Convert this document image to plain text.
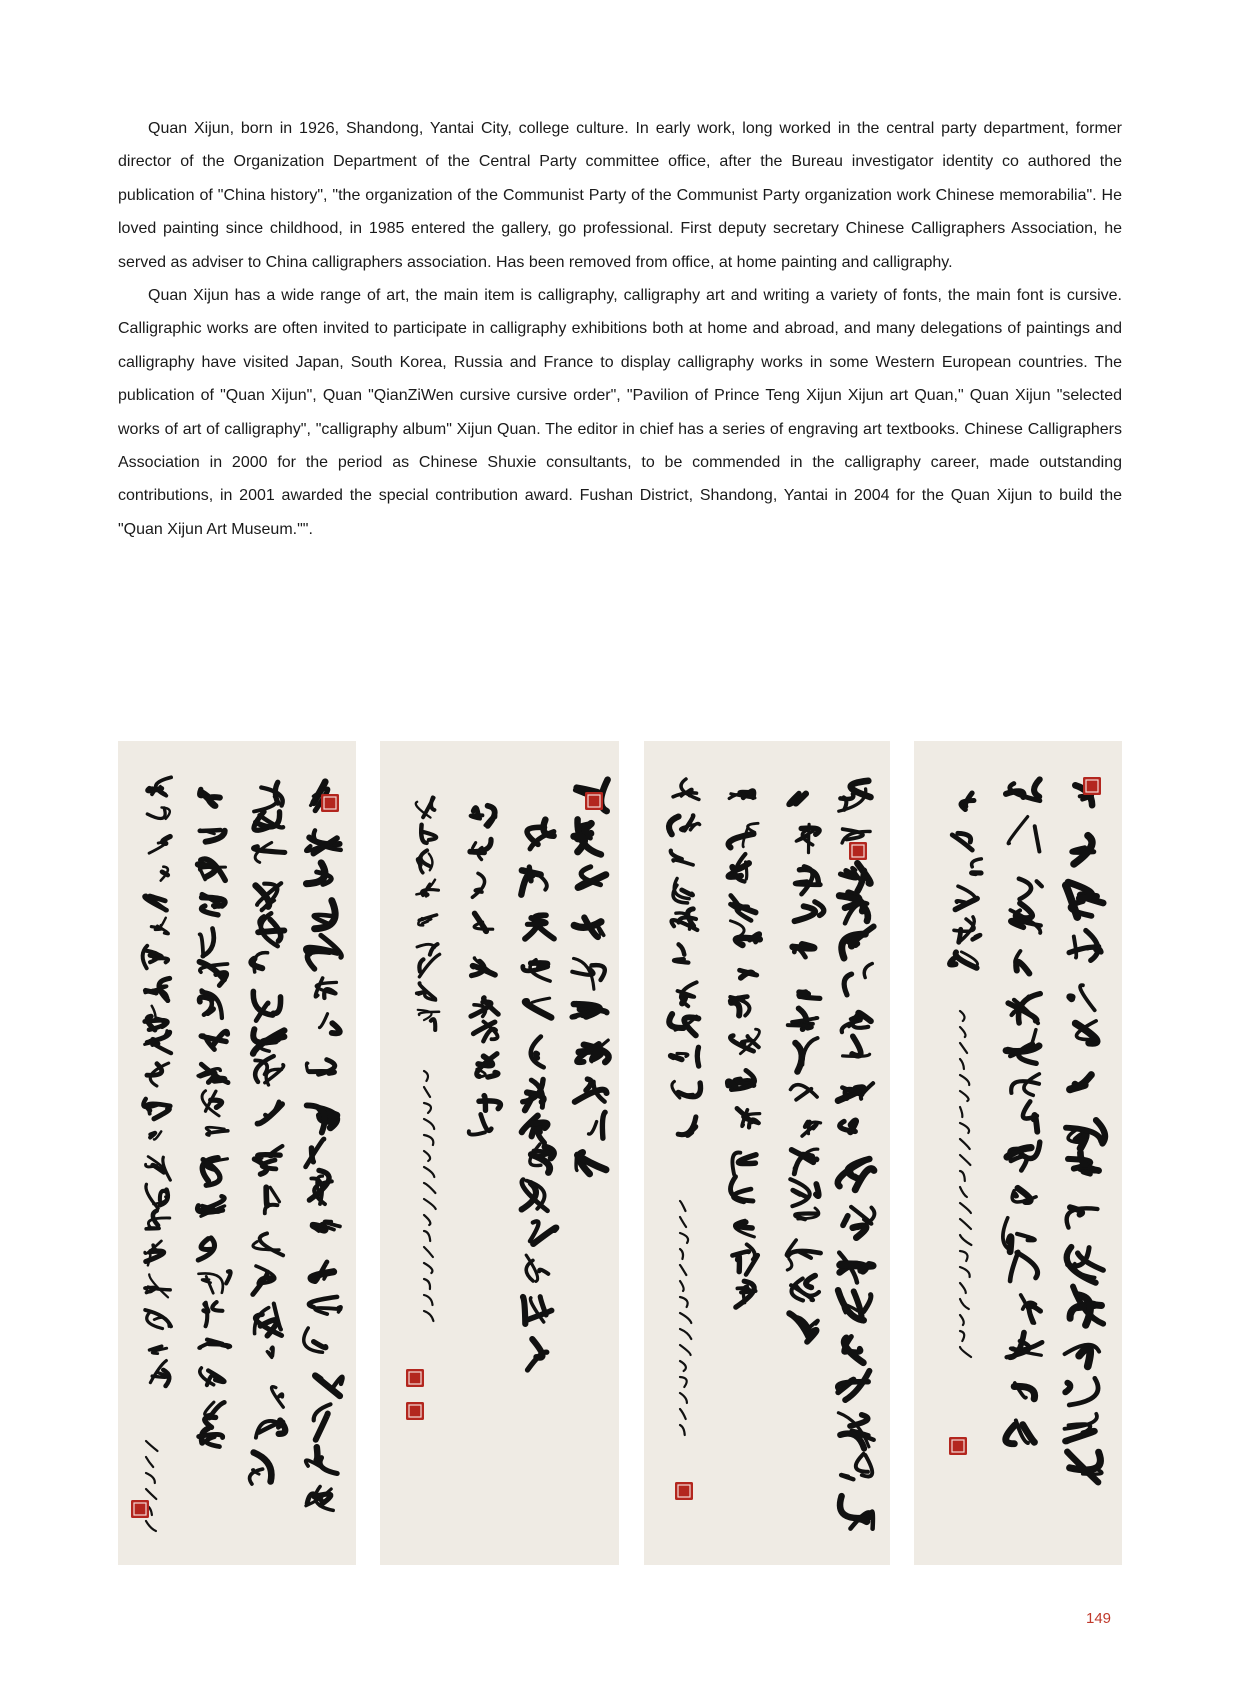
Quan Xijun, born in 1926, Shandong, Yantai City, college culture. In early work, long worked in the central party department, former director of the Organization Department of the Central Party committee office, after the Bureau investigator identity co authored the publication of "China history", "the organization of the Communist Party of the Communist Party organization work Chinese memorabilia". He loved painting since childhood, in 1985 entered the gallery, go professional. First deputy secretary Chinese Calligraphers Association, he served as adviser to China calligraphers association. Has been removed from office, at home painting and calligraphy.

Quan Xijun has a wide range of art, the main item is calligraphy, calligraphy art and writing a variety of fonts, the main font is cursive. Calligraphic works are often invited to participate in calligraphy exhibitions both at home and abroad, and many delegations of paintings and calligraphy have visited Japan, South Korea, Russia and France to display calligraphy works in some Western European countries. The publication of "Quan Xijun", Quan "QianZiWen cursive cursive order", "Pavilion of Prince Teng Xijun Xijun art Quan," Quan Xijun "selected works of art of calligraphy", "calligraphy album" Xijun Quan. The editor in chief has a series of engraving art textbooks. Chinese Calligraphers Association in 2000 for the period as Chinese Shuxie consultants, to be commended in the calligraphy career, made outstanding contributions, in 2001 awarded the special contribution award. Fushan District, Shandong, Yantai in 2004 for the Quan Xijun to build the "Quan Xijun Art Museum."".

149
